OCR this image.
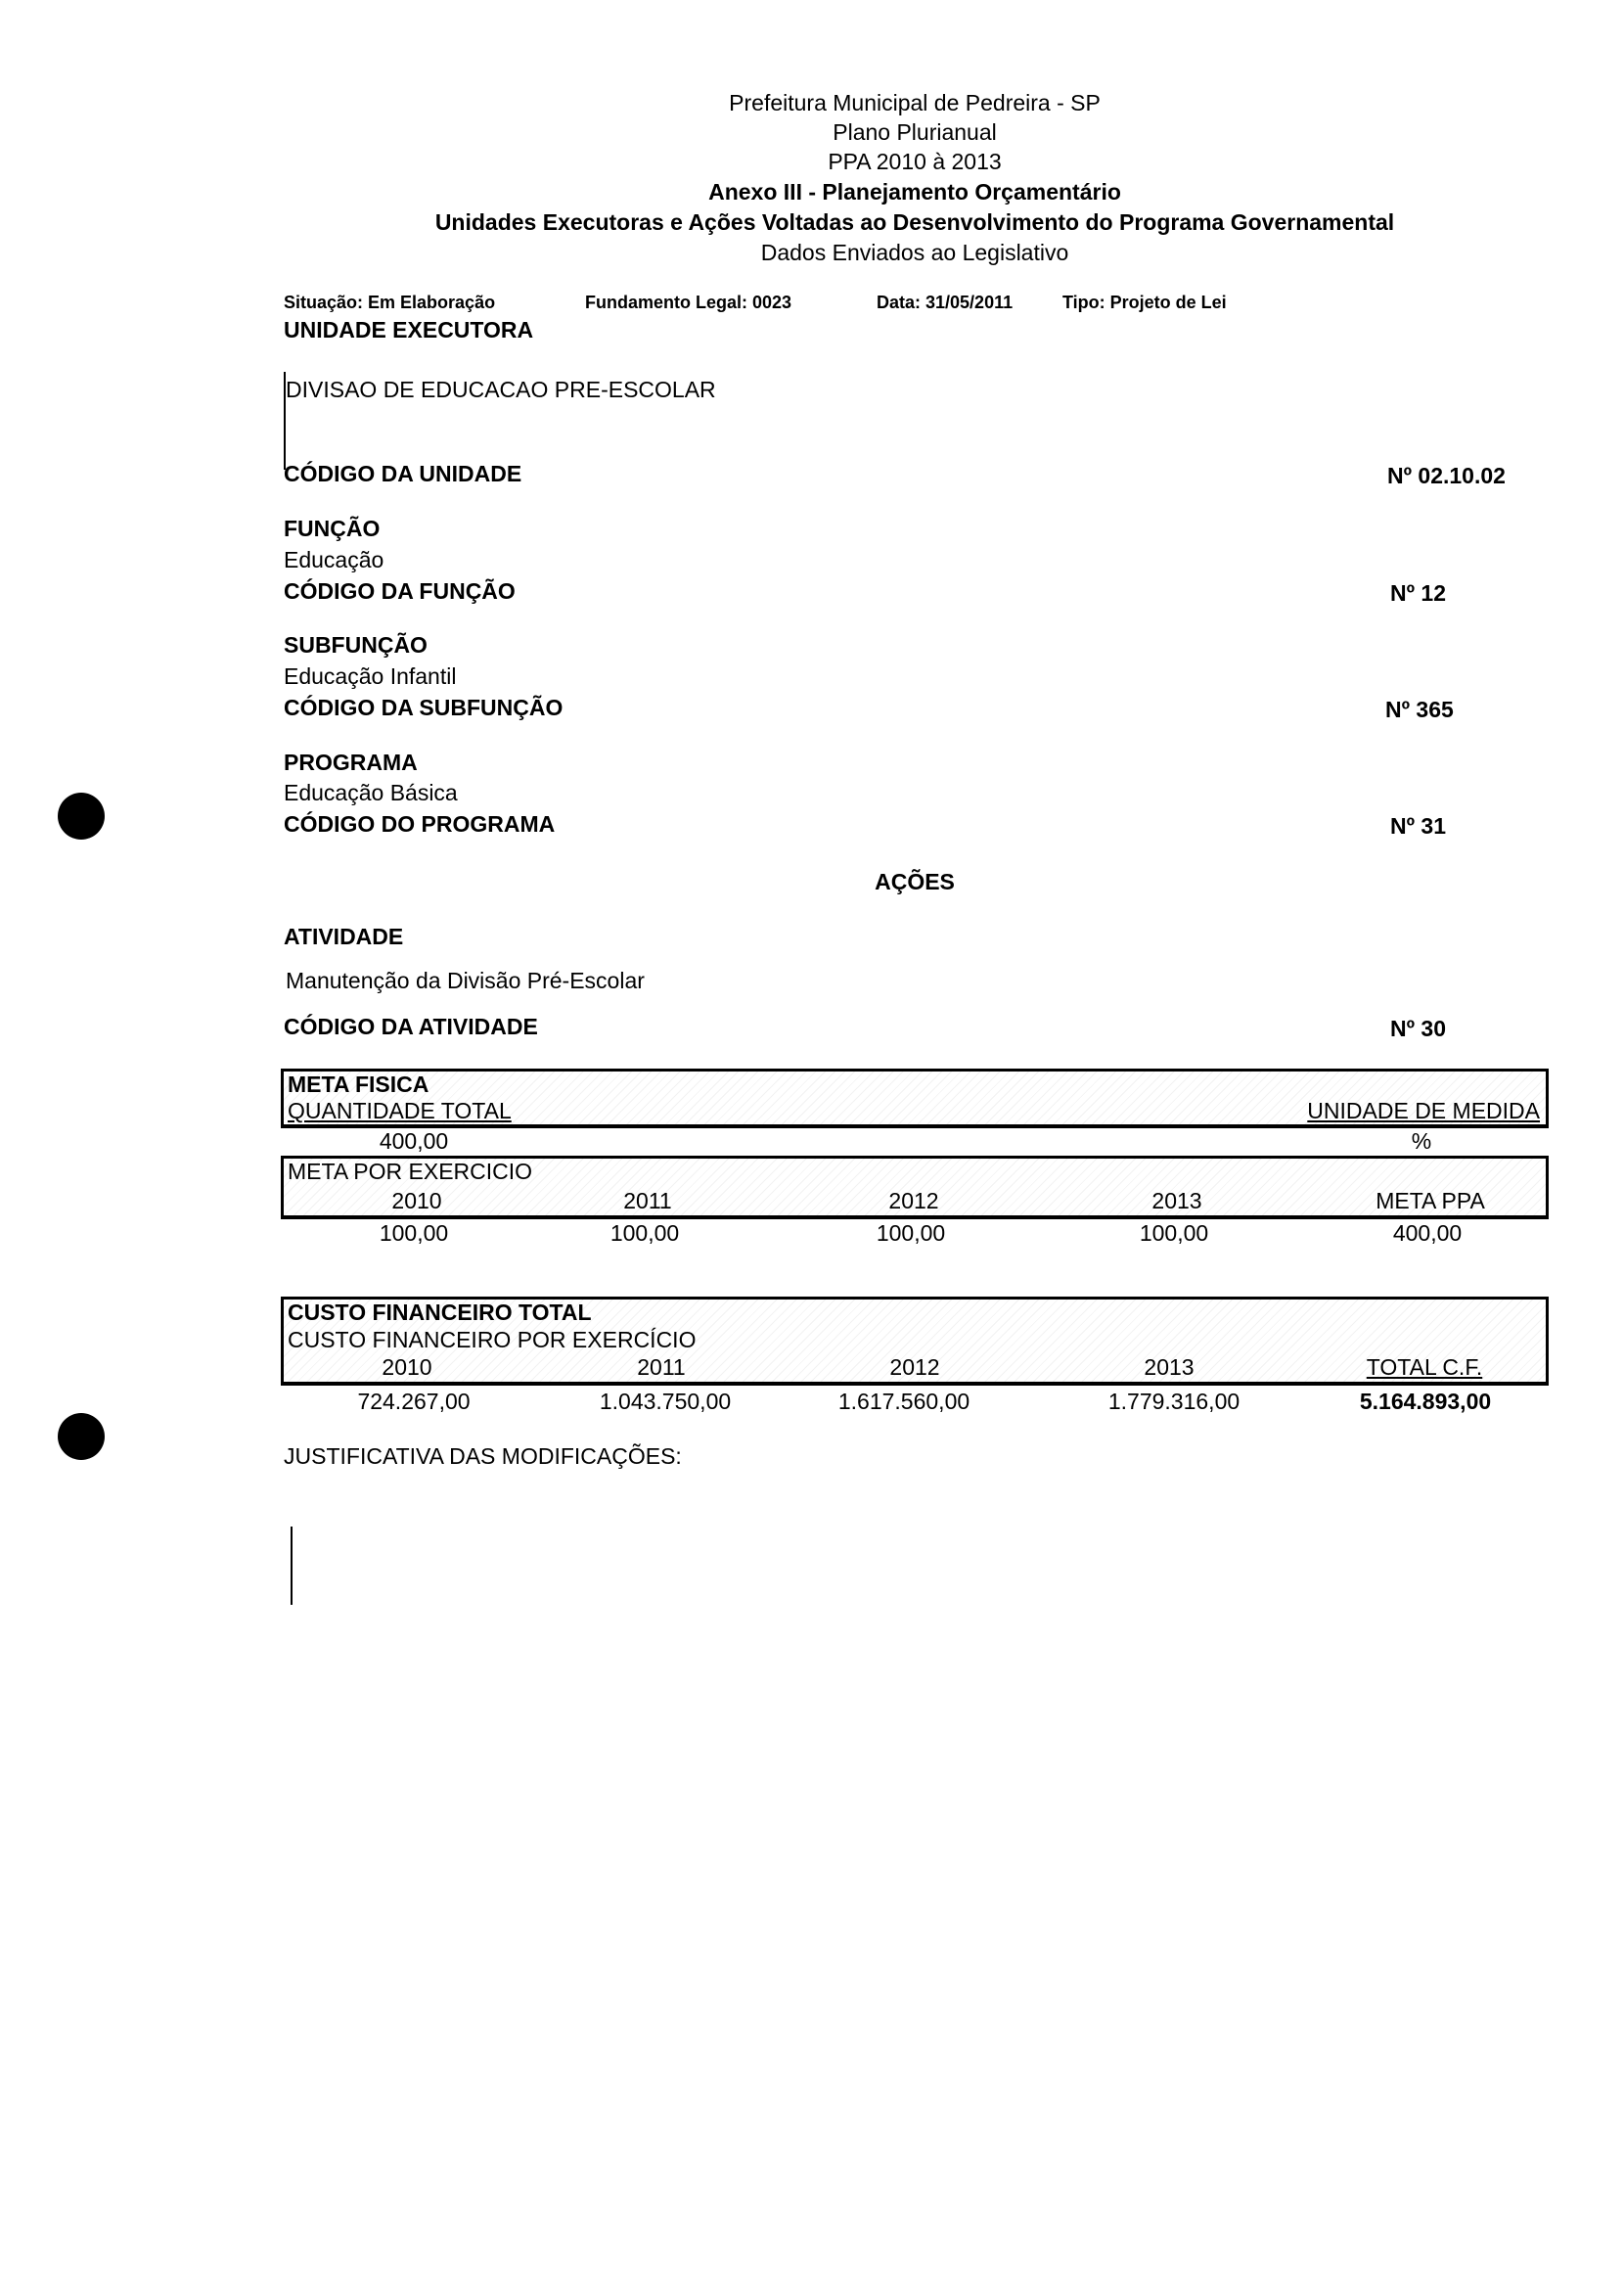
Prefeitura Municipal de Pedreira - SP
Plano Plurianual
PPA 2010 à 2013
Anexo III - Planejamento Orçamentário
Unidades Executoras e Ações Voltadas ao Desenvolvimento do Programa Governamental
Dados Enviados ao Legislativo
Situação: Em Elaboração	Fundamento Legal: 0023	Data: 31/05/2011	Tipo: Projeto de Lei
UNIDADE EXECUTORA
DIVISAO DE EDUCACAO PRE-ESCOLAR
CÓDIGO DA UNIDADE	Nº 02.10.02
FUNÇÃO
Educação
CÓDIGO DA FUNÇÃO	Nº 12
SUBFUNÇÃO
Educação Infantil
CÓDIGO DA SUBFUNÇÃO	Nº 365
PROGRAMA
Educação Básica
CÓDIGO DO PROGRAMA	Nº 31
AÇÕES
ATIVIDADE
Manutenção da Divisão Pré-Escolar
CÓDIGO DA ATIVIDADE	Nº 30
META FISICA
QUANTIDADE TOTAL	UNIDADE DE MEDIDA
400,00	%
META POR EXERCICIO
2010	2011	2012	2013	META PPA
100,00	100,00	100,00	100,00	400,00
CUSTO FINANCEIRO TOTAL
CUSTO FINANCEIRO POR EXERCÍCIO
2010	2011	2012	2013	TOTAL C.F.
724.267,00	1.043.750,00	1.617.560,00	1.779.316,00	5.164.893,00
JUSTIFICATIVA DAS MODIFICAÇÕES:
